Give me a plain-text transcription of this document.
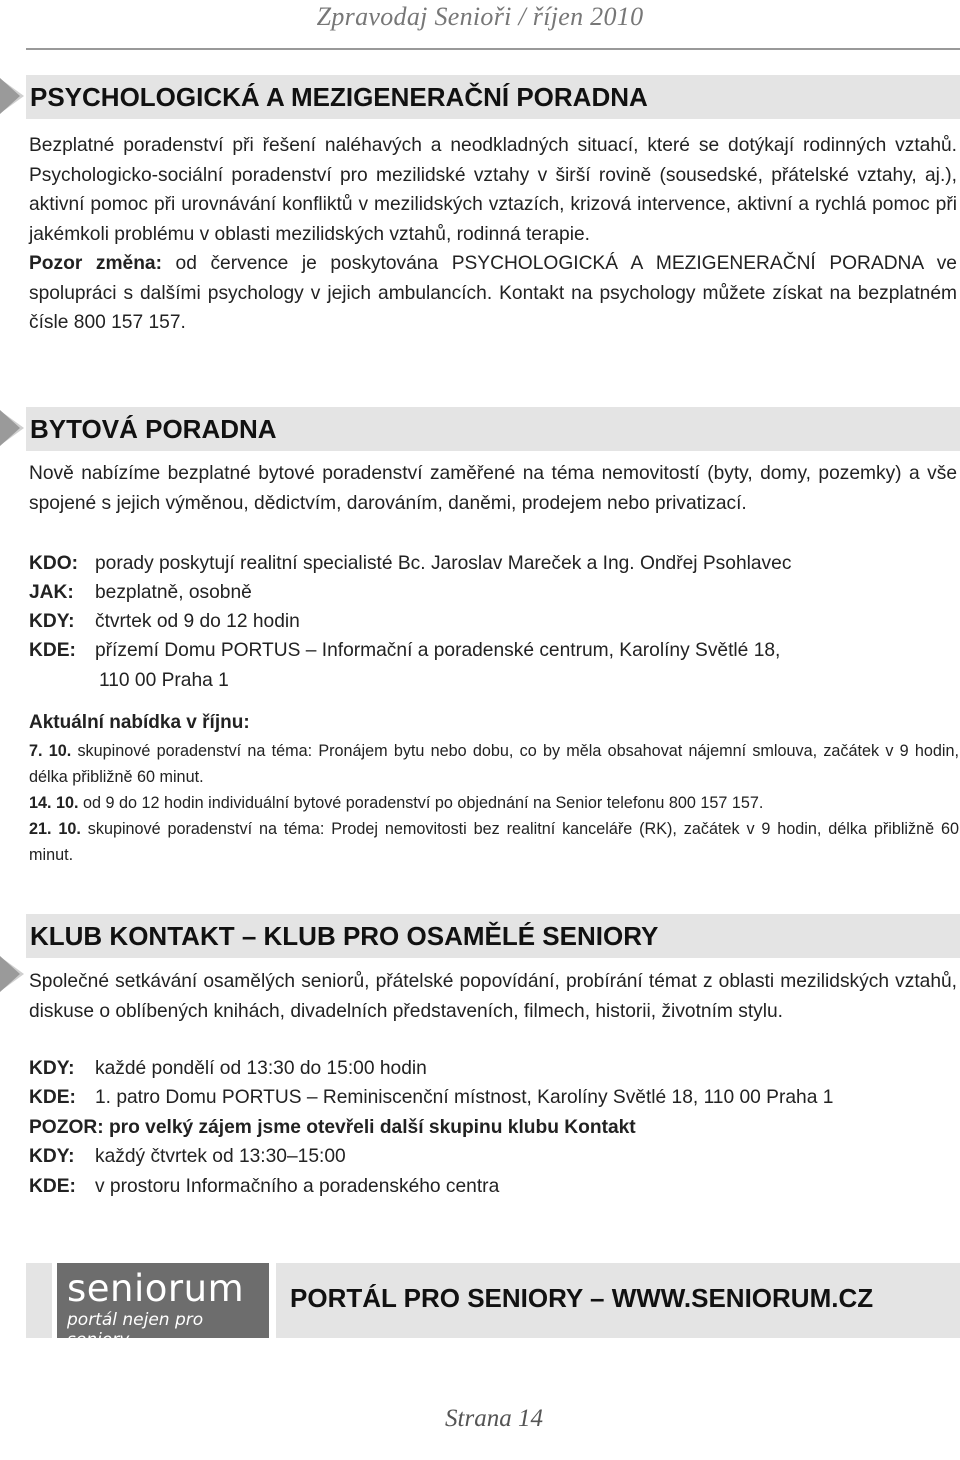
Zpravodaj Senioři / říjen 2010
PSYCHOLOGICKÁ A MEZIGENERAČNÍ PORADNA
Bezplatné poradenství při řešení naléhavých a neodkladných situací, které se dotýkají rodinných vztahů. Psychologicko-sociální poradenství pro mezilidské vztahy v širší rovině (sousedské, přátelské vztahy, aj.), aktivní pomoc při urovnávání konfliktů v mezilidských vztazích, krizová intervence, aktivní a rychlá pomoc při jakémkoli problému v oblasti mezilidských vztahů, rodinná terapie.
Pozor změna: od července je poskytována PSYCHOLOGICKÁ A MEZIGENERAČNÍ PORADNA ve spolupráci s dalšími psychology v jejich ambulancích. Kontakt na psychology můžete získat na bezplatném čísle 800 157 157.
BYTOVÁ PORADNA
Nově nabízíme bezplatné bytové poradenství zaměřené na téma nemovitostí (byty, domy, pozemky) a vše spojené s jejich výměnou, dědictvím, darováním, daněmi, prodejem nebo privatizací.
KDO: porady poskytují realitní specialisté Bc. Jaroslav Mareček a Ing. Ondřej Psohlavec
JAK: bezplatně, osobně
KDY: čtvrtek od 9 do 12 hodin
KDE: přízemí Domu PORTUS – Informační a poradenské centrum, Karolíny Světlé 18,
110 00 Praha 1
Aktuální nabídka v říjnu:
7. 10. skupinové poradenství na téma: Pronájem bytu nebo dobu, co by měla obsahovat nájemní smlouva, začátek v 9 hodin, délka přibližně 60 minut.
14. 10. od 9 do 12 hodin individuální bytové poradenství po objednání na Senior telefonu 800 157 157.
21. 10. skupinové poradenství na téma: Prodej nemovitosti bez realitní kanceláře (RK), začátek v 9 hodin, délka přibližně 60 minut.
KLUB KONTAKT – KLUB PRO OSAMĚLÉ SENIORY
Společné setkávání osamělých seniorů, přátelské popovídání, probírání témat z oblasti mezilidských vztahů, diskuse o oblíbených knihách, divadelních představeních, filmech, historii, životním stylu.
KDY: každé pondělí od 13:30 do 15:00 hodin
KDE: 1. patro Domu PORTUS – Reminiscenční místnost, Karolíny Světlé 18, 110 00 Praha 1
POZOR: pro velký zájem jsme otevřeli další skupinu klubu Kontakt
KDY: každý čtvrtek od 13:30–15:00
KDE: v prostoru Informačního a poradenského centra
seniorum
portál nejen pro seniory
PORTÁL PRO SENIORY – WWW.SENIORUM.CZ
Strana 14
